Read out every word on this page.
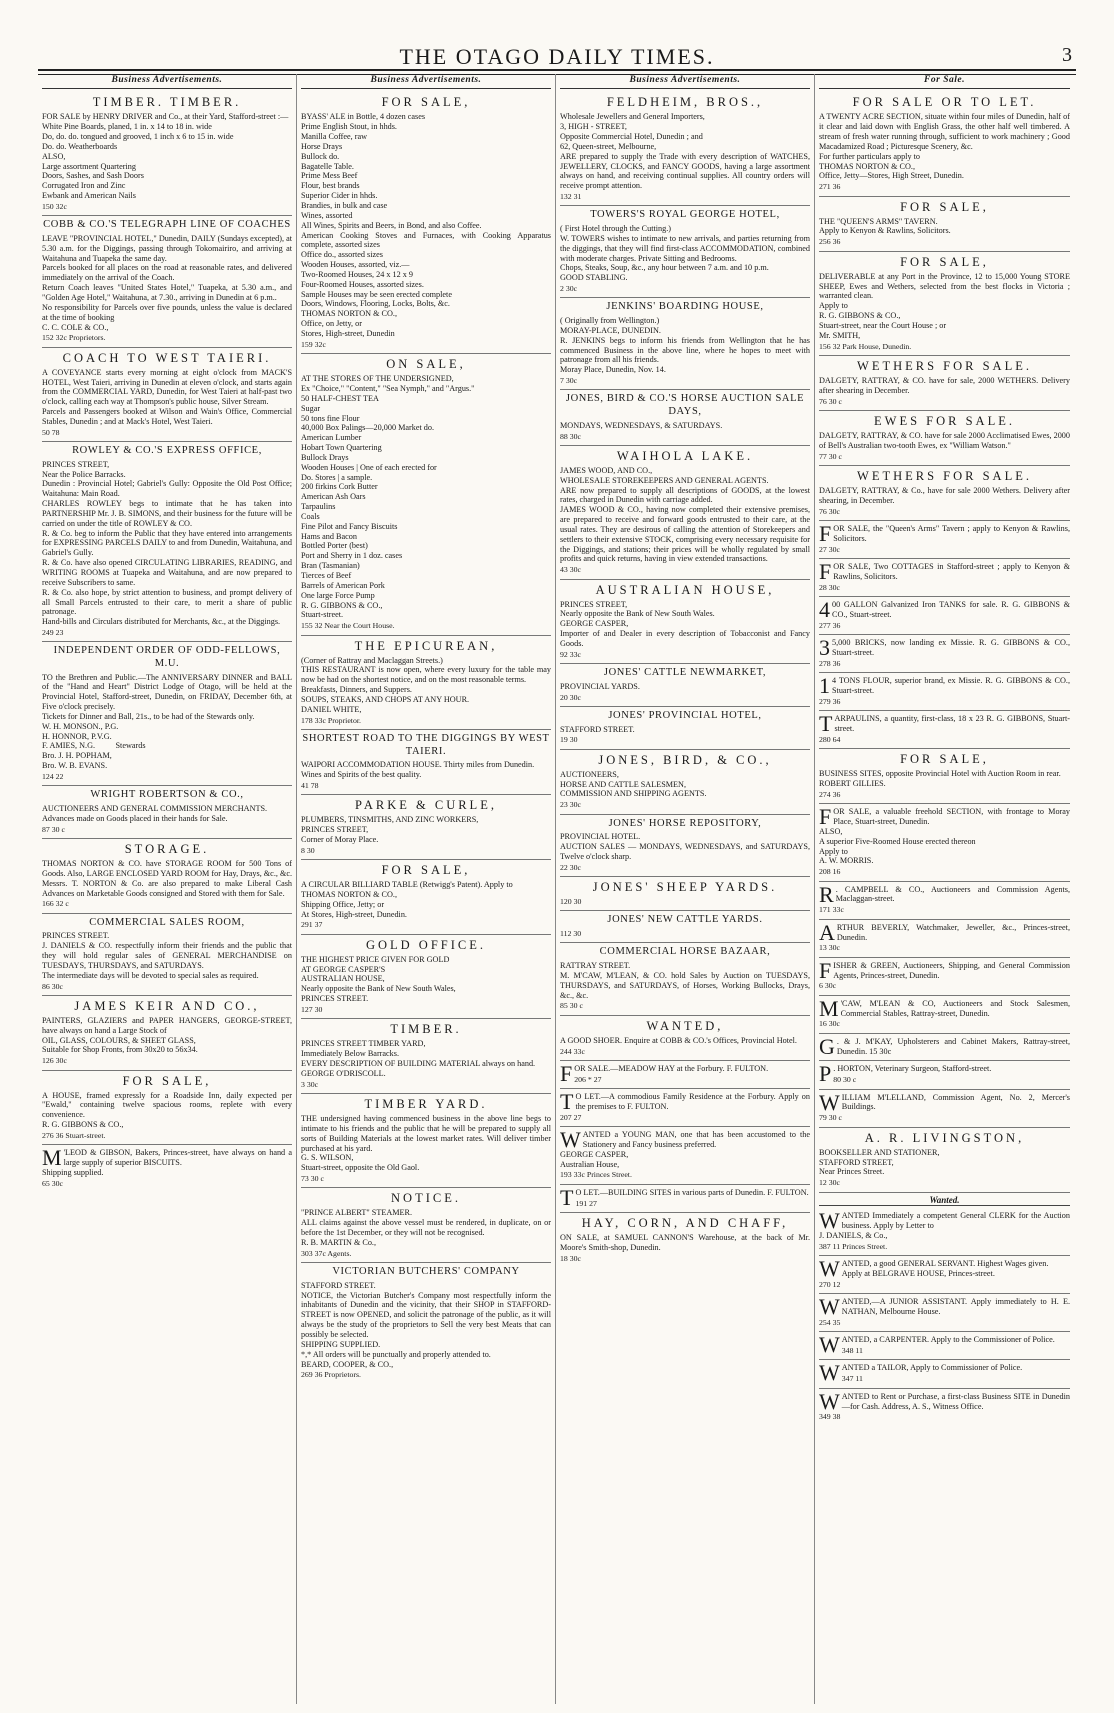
THE OTAGO DAILY TIMES.	3
Business Advertisements.
TIMBER. TIMBER.

FOR SALE by HENRY DRIVER and Co., at their Yard, Stafford-street :—

White Pine Boards, planed, 1 in. x 14 to 18 in. wide

Do, do. do. tongued and grooved, 1 inch x 6 to 15 in. wide

Do. do. Weatherboards

ALSO,

Large assortment Quartering

Doors, Sashes, and Sash Doors

Corrugated Iron and Zinc

Ewbank and American Nails

150 32c
COBB & CO.'S TELEGRAPH LINE OF COACHES

LEAVE "PROVINCIAL HOTEL," Dunedin, DAILY (Sundays excepted), at 5.30 a.m. for the Diggings, passing through Tokomairiro, and arriving at Waitahuna and Tuapeka the same day.

Parcels booked for all places on the road at reasonable rates, and delivered immediately on the arrival of the Coach.

Return Coach leaves "United States Hotel," Tuapeka, at 5.30 a.m., and "Golden Age Hotel," Waitahuna, at 7.30., arriving in Dunedin at 6 p.m..

No responsibility for Parcels over five pounds, unless the value is declared at the time of booking

C. C. COLE & CO.,

152 32c Proprietors.
COACH TO WEST TAIERI.

A COVEYANCE starts every morning at eight o'clock from MACK'S HOTEL, West Taieri, arriving in Dunedin at eleven o'clock, and starts again from the COMMERCIAL YARD, Dunedin, for West Taieri at half-past two o'clock, calling each way at Thompson's public house, Silver Stream.

Parcels and Passengers booked at Wilson and Wain's Office, Commercial Stables, Dunedin ; and at Mack's Hotel, West Taieri.

50 78
ROWLEY & CO.'S EXPRESS OFFICE,

PRINCES STREET,

Near the Police Barracks.

Dunedin : Provincial Hotel; Gabriel's Gully: Opposite the Old Post Office; Waitahuna: Main Road.

CHARLES ROWLEY begs to intimate that he has taken into PARTNERSHIP Mr. J. B. SIMONS, and their business for the future will be carried on under the title of ROWLEY & CO.

R. & Co. beg to inform the Public that they have entered into arrangements for EXPRESSING PARCELS DAILY to and from Dunedin, Waitahuna, and Gabriel's Gully.

R. & Co. have also opened CIRCULATING LIBRARIES, READING, and WRITING ROOMS at Tuapeka and Waitahuna, and are now prepared to receive Subscribers to same.

R. & Co. also hope, by strict attention to business, and prompt delivery of all Small Parcels entrusted to their care, to merit a share of public patronage.

Hand-bills and Circulars distributed for Merchants, &c., at the Diggings.

249 23
INDEPENDENT ORDER OF ODD-FELLOWS, M.U.

TO the Brethren and Public.—The ANNIVERSARY DINNER and BALL of the "Hand and Heart" District Lodge of Otago, will be held at the Provincial Hotel, Stafford-street, Dunedin, on FRIDAY, December 6th, at Five o'clock precisely.

Tickets for Dinner and Ball, 21s., to be had of the Stewards only.

W. H. MONSON., P.G.

H. HONNOR, P.V.G.

F. AMIES, N.G.          Stewards

Bro. J. H. POPHAM,

Bro. W. B. EVANS.

124 22
WRIGHT ROBERTSON & CO.,

AUCTIONEERS AND GENERAL COMMISSION MERCHANTS.

Advances made on Goods placed in their hands for Sale.

87 30 c
STORAGE.

THOMAS NORTON & CO. have STORAGE ROOM for 500 Tons of Goods. Also, LARGE ENCLOSED YARD ROOM for Hay, Drays, &c., &c.

Messrs. T. NORTON & Co. are also prepared to make Liberal Cash Advances on Marketable Goods consigned and Stored with them for Sale.

166 32 c
COMMERCIAL SALES ROOM,

PRINCES STREET.

J. DANIELS & CO. respectfully inform their friends and the public that they will hold regular sales of GENERAL MERCHANDISE on TUESDAYS, THURSDAYS, and SATURDAYS.

The intermediate days will be devoted to special sales as required.

86 30c
JAMES KEIR AND CO.,

PAINTERS, GLAZIERS and PAPER HANGERS, GEORGE-STREET, have always on hand a Large Stock of

OIL, GLASS, COLOURS, & SHEET GLASS,

Suitable for Shop Fronts, from 30x20 to 56x34.

126 30c
FOR SALE,

A HOUSE, framed expressly for a Roadside Inn, daily expected per "Ewald," containing twelve spacious rooms, replete with every convenience.

R. G. GIBBONS & CO.,

276 36 Stuart-street.

M 'LEOD & GIBSON, Bakers, Princes-street, have always on hand a large supply of superior BISCUITS.

Shipping supplied.

65 30c
Business Advertisements.
FOR SALE,

BYASS' ALE in Bottle, 4 dozen cases

Prime English Stout, in hhds.

Manilla Coffee, raw

Horse Drays

Bullock do.

Bagatelle Table.

Prime Mess Beef

Flour, best brands

Superior Cider in hhds.

Brandies, in bulk and case

Wines, assorted

All Wines, Spirits and Beers, in Bond, and also Coffee.

American Cooking Stoves and Furnaces, with Cooking Apparatus complete, assorted sizes

Office do., assorted sizes

Wooden Houses, assorted, viz.—

Two-Roomed Houses, 24 x 12 x 9

Four-Roomed Houses, assorted sizes.

Sample Houses may be seen erected complete

Doors, Windows, Flooring, Locks, Bolts, &c.

THOMAS NORTON & CO.,

Office, on Jetty, or

Stores, High-street, Dunedin

159 32c
ON SALE,

AT THE STORES OF THE UNDERSIGNED,

Ex "Choice," "Content," "Sea Nymph," and "Argus."

50 HALF-CHEST TEA

Sugar

50 tons fine Flour

40,000 Box Palings—20,000 Market do.

American Lumber

Hobart Town Quartering

Bullock Drays

Wooden Houses | One of each erected for

Do. Stores | a sample.

200 firkins Cork Butter

American Ash Oars

Tarpaulins

Coals

Fine Pilot and Fancy Biscuits

Hams and Bacon

Bottled Porter (best)

Port and Sherry in 1 doz. cases

Bran (Tasmanian)

Tierces of Beef

Barrels of American Pork

One large Force Pump

R. G. GIBBONS & CO.,

Stuart-street.

155 32 Near the Court House.
THE EPICUREAN,

(Corner of Rattray and Maclaggan Streets.)

THIS RESTAURANT is now open, where every luxury for the table may now be had on the shortest notice, and on the most reasonable terms.

Breakfasts, Dinners, and Suppers.

SOUPS, STEAKS, AND CHOPS AT ANY HOUR.

DANIEL WHITE,

178 33c Proprietor.
SHORTEST ROAD TO THE DIGGINGS BY WEST TAIERI.

WAIPORI ACCOMMODATION HOUSE. Thirty miles from Dunedin.

Wines and Spirits of the best quality.

41 78
PARKE & CURLE,

PLUMBERS, TINSMITHS, AND ZINC WORKERS,

PRINCES STREET,

Corner of Moray Place.

8 30
FOR SALE,

A CIRCULAR BILLIARD TABLE (Retwigg's Patent). Apply to

THOMAS NORTON & CO.,

Shipping Office, Jetty; or

At Stores, High-street, Dunedin.

291 37
GOLD OFFICE.

THE HIGHEST PRICE GIVEN FOR GOLD

AT GEORGE CASPER'S

AUSTRALIAN HOUSE,

Nearly opposite the Bank of New South Wales,

PRINCES STREET.

127 30
TIMBER.

PRINCES STREET TIMBER YARD,

Immediately Below Barracks.

EVERY DESCRIPTION OF BUILDING MATERIAL always on hand.

GEORGE O'DRISCOLL.

3 30c
TIMBER YARD.

THE undersigned having commenced business in the above line begs to intimate to his friends and the public that he will be prepared to supply all sorts of Building Materials at the lowest market rates. Will deliver timber purchased at his yard.

G. S. WILSON,

Stuart-street, opposite the Old Gaol.

73 30 c
NOTICE.

"PRINCE ALBERT" STEAMER.

ALL claims against the above vessel must be rendered, in duplicate, on or before the 1st December, or they will not be recognised.

R. B. MARTIN & Co.,

303 37c Agents.
VICTORIAN BUTCHERS' COMPANY

STAFFORD STREET.

NOTICE, the Victorian Butcher's Company most respectfully inform the inhabitants of Dunedin and the vicinity, that their SHOP in STAFFORD-STREET is now OPENED, and solicit the patronage of the public, as it will always be the study of the proprietors to Sell the very best Meats that can possibly be selected.

SHIPPING SUPPLIED.

*,* All orders will be punctually and properly attended to.

BEARD, COOPER, & CO.,

269 36 Proprietors.
Business Advertisements.
FELDHEIM, BROS.,

Wholesale Jewellers and General Importers,

3, HIGH - STREET,

Opposite Commercial Hotel, Dunedin ; and

62, Queen-street, Melbourne,

ARE prepared to supply the Trade with every description of WATCHES, JEWELLERY, CLOCKS, and FANCY GOODS, having a large assortment always on hand, and receiving continual supplies. All country orders will receive prompt attention.

132 31
TOWERS'S ROYAL GEORGE HOTEL,

( First Hotel through the Cutting.)

W. TOWERS wishes to intimate to new arrivals, and parties returning from the diggings, that they will find first-class ACCOMMODATION, combined with moderate charges. Private Sitting and Bedrooms.

Chops, Steaks, Soup, &c., any hour between 7 a.m. and 10 p.m.

GOOD STABLING.

2 30c
JENKINS' BOARDING HOUSE,

( Originally from Wellington.)

MORAY-PLACE, DUNEDIN.

R. JENKINS begs to inform his friends from Wellington that he has commenced Business in the above line, where he hopes to meet with patronage from all his friends.

Moray Place, Dunedin, Nov. 14.

7 30c
JONES, BIRD & CO.'S HORSE AUCTION SALE DAYS,

MONDAYS, WEDNESDAYS, & SATURDAYS.

88 30c
WAIHOLA LAKE.

JAMES WOOD, AND CO.,

WHOLESALE STOREKEEPERS AND GENERAL AGENTS.

ARE now prepared to supply all descriptions of GOODS, at the lowest rates, charged in Dunedin with carriage added.

JAMES WOOD & CO., having now completed their extensive premises, are prepared to receive and forward goods entrusted to their care, at the usual rates. They are desirous of calling the attention of Storekeepers and settlers to their extensive STOCK, comprising every necessary requisite for the Diggings, and stations; their prices will be wholly regulated by small profits and quick returns, having in view extended transactions.

43 30c
AUSTRALIAN HOUSE,

PRINCES STREET,

Nearly opposite the Bank of New South Wales.

GEORGE CASPER,

Importer of and Dealer in every description of Tobacconist and Fancy Goods.

92 33c
JONES' CATTLE NEWMARKET,

PROVINCIAL YARDS.

20 30c
JONES' PROVINCIAL HOTEL,

STAFFORD STREET.

19 30
JONES, BIRD, & CO.,

AUCTIONEERS,

HORSE AND CATTLE SALESMEN,

COMMISSION AND SHIPPING AGENTS.

23 30c
JONES' HORSE REPOSITORY,

PROVINCIAL HOTEL.

AUCTION SALES — MONDAYS, WEDNESDAYS, and SATURDAYS, Twelve o'clock sharp.

22 30c
JONES' SHEEP YARDS.
120 30
JONES' NEW CATTLE YARDS.
112 30
COMMERCIAL HORSE BAZAAR,

RATTRAY STREET.

M. M'CAW, M'LEAN, & CO. hold Sales by Auction on TUESDAYS, THURSDAYS, and SATURDAYS, of Horses, Working Bullocks, Drays, &c., &c.

85 30 c
WANTED,

A GOOD SHOER. Enquire at COBB & CO.'s Offices, Provincial Hotel.

244 33c

FOR SALE.—MEADOW HAY at the Forbury. F. FULTON.

206 * 27

T O LET.—A commodious Family Residence at the Forbury. Apply on the premises to F. FULTON.

207 27

WANTED a YOUNG MAN, one that has been accustomed to the Stationery and Fancy business preferred.

GEORGE CASPER,

Australian House,

193 33c Princes Street.

T O LET.—BUILDING SITES in various parts of Dunedin. F. FULTON.

191 27
HAY, CORN, AND CHAFF,

ON SALE, at SAMUEL CANNON'S Warehouse, at the back of Mr. Moore's Smith-shop, Dunedin.

18 30c
For Sale.
FOR SALE OR TO LET.

A TWENTY ACRE SECTION, situate within four miles of Dunedin, half of it clear and laid down with English Grass, the other half well timbered. A stream of fresh water running through, sufficient to work machinery ; Good Macadamized Road ; Picturesque Scenery, &c.

For further particulars apply to

THOMAS NORTON & CO.,

Office, Jetty—Stores, High Street, Dunedin.

271 36
FOR SALE,

THE "QUEEN'S ARMS" TAVERN.

Apply to Kenyon & Rawlins, Solicitors.

256 36
FOR SALE,

DELIVERABLE at any Port in the Province, 12 to 15,000 Young STORE SHEEP, Ewes and Wethers, selected from the best flocks in Victoria ; warranted clean.

Apply to

R. G. GIBBONS & CO.,

Stuart-street, near the Court House ; or

Mr. SMITH,

156 32 Park House, Dunedin.
WETHERS FOR SALE.

DALGETY, RATTRAY, & CO. have for sale, 2000 WETHERS. Delivery after shearing in December.

76 30 c
EWES FOR SALE.

DALGETY, RATTRAY, & CO. have for sale 2000 Acclimatised Ewes, 2000 of Bell's Australian two-tooth Ewes, ex "William Watson."

77 30 c
WETHERS FOR SALE.

DALGETY, RATTRAY, & Co., have for sale 2000 Wethers. Delivery after shearing, in December.

76 30c

FOR SALE, the "Queen's Arms" Tavern ; apply to Kenyon & Rawlins, Solicitors.

27 30c

FOR SALE, Two COTTAGES in Stafford-street ; apply to Kenyon & Rawlins, Solicitors.

28 30c

4 00 GALLON Galvanized Iron TANKS for sale. R. G. GIBBONS & CO., Stuart-street.

277 36

3 5,000 BRICKS, now landing ex Missie. R. G. GIBBONS & CO., Stuart-street.

278 36

1 4 TONS FLOUR, superior brand, ex Missie. R. G. GIBBONS & CO., Stuart-street.

279 36

TARPAULINS, a quantity, first-class, 18 x 23 R. G. GIBBONS, Stuart-street.

280 64
FOR SALE,

BUSINESS SITES, opposite Provincial Hotel with Auction Room in rear.

ROBERT GILLIES.

274 36

FOR SALE, a valuable freehold SECTION, with frontage to Moray Place, Stuart-street, Dunedin.

ALSO,

A superior Five-Roomed House erected thereon

Apply to

A. W. MORRIS.

208 16

R . CAMPBELL & CO., Auctioneers and Commission Agents, Maclaggan-street.

171 33c

ARTHUR BEVERLY, Watchmaker, Jeweller, &c., Princes-street, Dunedin.

13 30c

FISHER & GREEN, Auctioneers, Shipping, and General Commission Agents, Princes-street, Dunedin.

6 30c

M 'CAW, M'LEAN & CO, Auctioneers and Stock Salesmen, Commercial Stables, Rattray-street, Dunedin.

16 30c

G . & J. M'KAY, Upholsterers and Cabinet Makers, Rattray-street, Dunedin. 15 30c

P . HORTON, Veterinary Surgeon, Stafford-street.

80 30 c

WILLIAM M'LELLAND, Commission Agent, No. 2, Mercer's Buildings.

79 30 c
A. R. LIVINGSTON,

BOOKSELLER AND STATIONER,

STAFFORD STREET,

Near Princes Street.

12 30c
Wanted.

WANTED Immediately a competent General CLERK for the Auction business. Apply by Letter to

J. DANIELS, & Co.,

387 11 Princes Street.

WANTED, a good GENERAL SERVANT. Highest Wages given.

Apply at BELGRAVE HOUSE, Princes-street.

270 12

WANTED,—A JUNIOR ASSISTANT. Apply immediately to H. E. NATHAN, Melbourne House.

254 35

WANTED, a CARPENTER. Apply to the Commissioner of Police.

348 11

WANTED a TAILOR, Apply to Commissioner of Police.

347 11

WANTED to Rent or Purchase, a first-class Business SITE in Dunedin—for Cash. Address, A. S., Witness Office.

349 38
